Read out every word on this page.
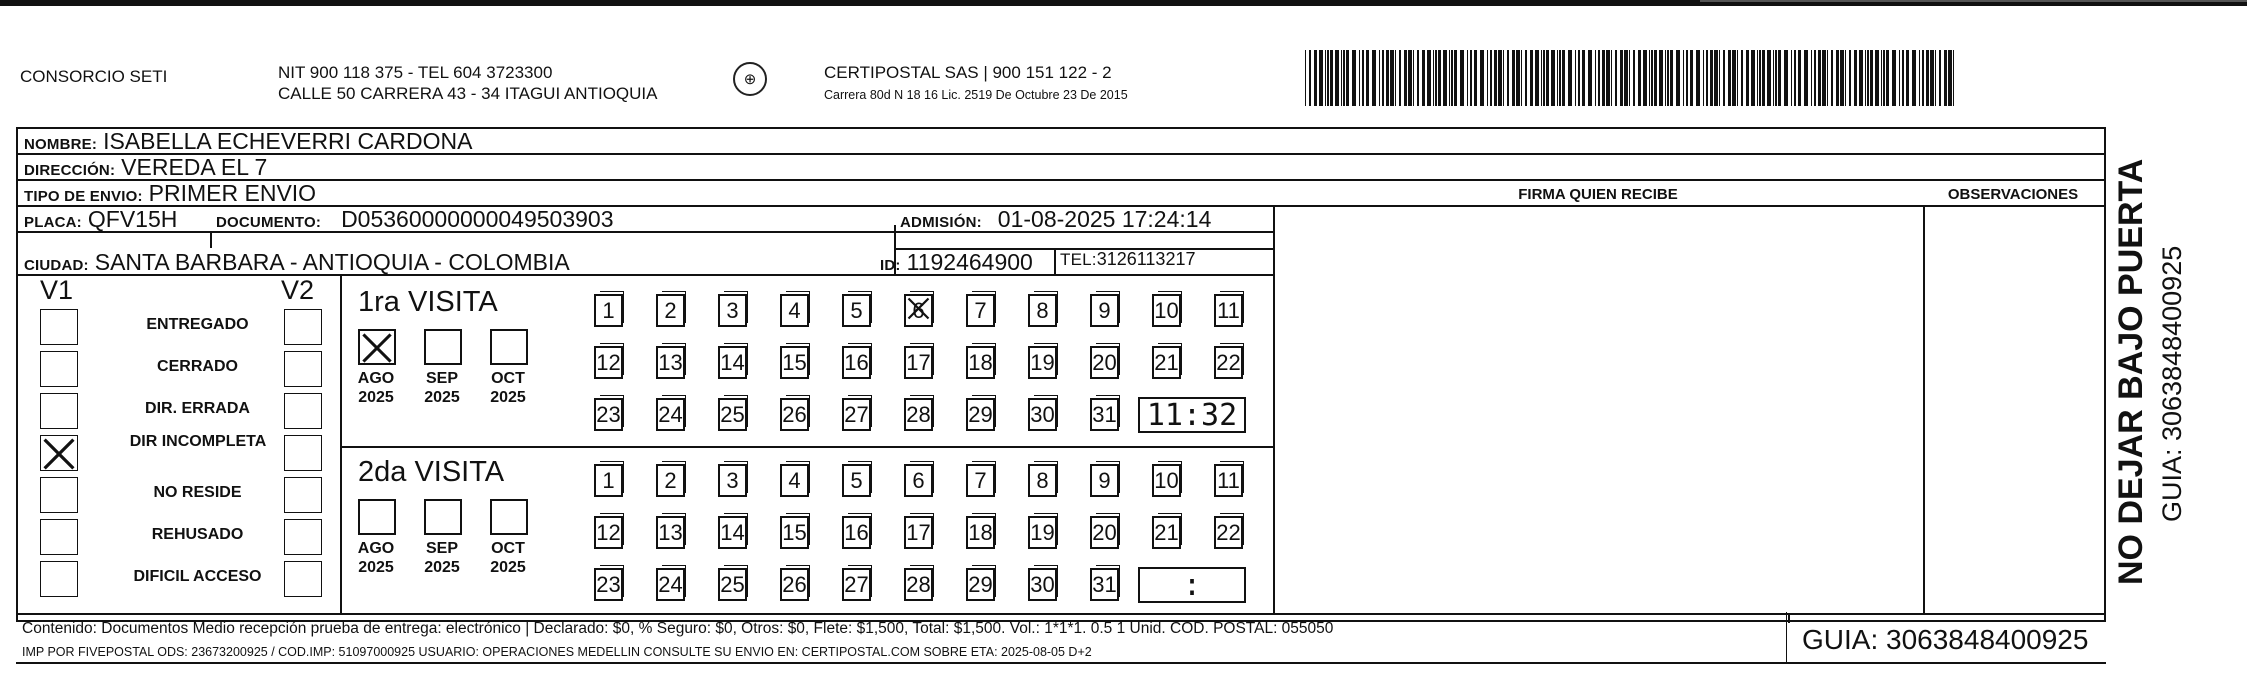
CONSORCIO SETI	NIT 900 118 375 - TEL 604 3723300
CALLE 50 CARRERA 43 - 34 ITAGUI ANTIOQUIA
⊕	CERTIPOSTAL SAS | 900 151 122 - 2
Carrera 80d N 18 16 Lic. 2519 De Octubre 23 De 2015
NOMBRE: ISABELLA ECHEVERRI CARDONA
DIRECCIÓN: VEREDA EL 7
TIPO DE ENVIO: PRIMER ENVIO
PLACA: QFV15H	DOCUMENTO: D05360000000049503903	ADMISIÓN: 01-08-2025 17:24:14
CIUDAD: SANTA BARBARA - ANTIOQUIA - COLOMBIA	ID: 1192464900 TEL: 3126113217
FIRMA QUIEN RECIBE	OBSERVACIONES
V1	V2
ENTREGADO
CERRADO
DIR. ERRADA
DIR INCOMPLETA
NO RESIDE
REHUSADO
DIFICIL ACCESO
1ra VISITA
2da VISITA
AGO
2025
SEP
2025
OCT
2025
1 2 3 4 5 6 7 8 9 10 11
12 13 14 15 16 17 18 19 20 21 22
23 24 25 26 27 28 29 30 31 11:32
AGO
2025
SEP
2025
OCT
2025
1 2 3 4 5 6 7 8 9 10 11
12 13 14 15 16 17 18 19 20 21 22
23 24 25 26 27 28 29 30 31	:
Contenido: Documentos Medio recepción prueba de entrega: electrónico | Declarado: $0, % Seguro: $0, Otros: $0, Flete: $1,500, Total: $1,500. Vol.: 1*1*1. 0.5 1 Unid. COD. POSTAL: 055050
IMP POR FIVEPOSTAL ODS: 23673200925 / COD.IMP: 51097000925 USUARIO: OPERACIONES MEDELLIN CONSULTE SU ENVIO EN: CERTIPOSTAL.COM SOBRE ETA: 2025-08-05 D+2	GUIA: 3063848400925
NO DEJAR BAJO PUERTA GUIA: 3063848400925
